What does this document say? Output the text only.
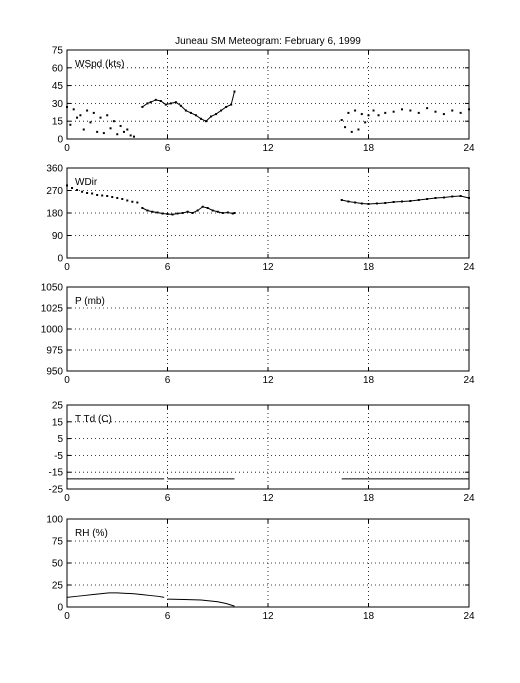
Juneau SM Meteogram: February 6, 1999
0	6	12	18	24
0
15
30
45
60
75
WSpd (kts)
0	6	12	18	24
0
90
180
270
360
WDir
0	6	12	18	24
950
975
1000
1025
1050
P (mb)
0	6	12	18	24
-25
-15
-5
5
15
25
T Td (C)
0	6	12	18	24
0
25
50
75
100
RH (%)
